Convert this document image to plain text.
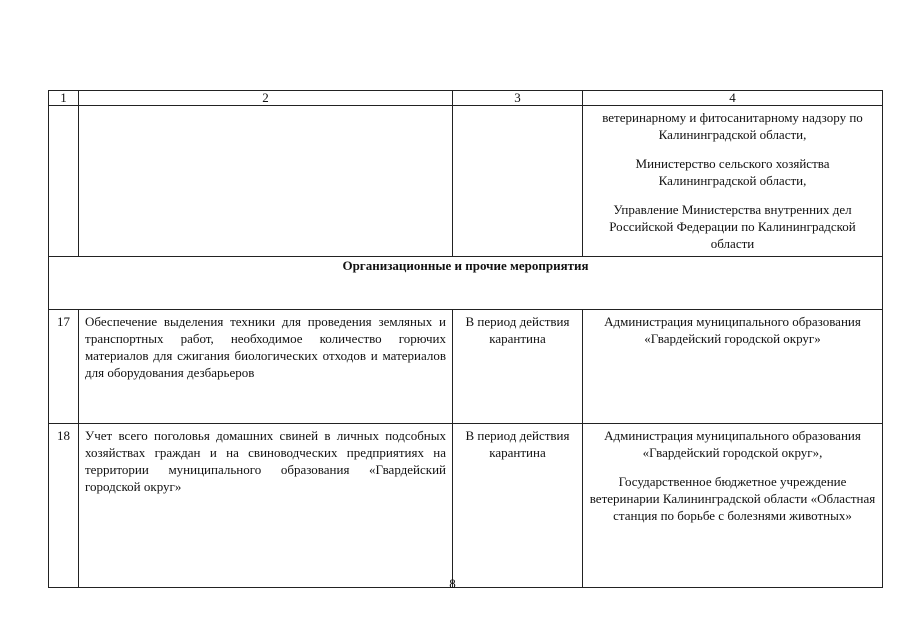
1	2	3	4

			ветеринарному и фитосанитарному надзору по Калининградской области,

Министерство сельского хозяйства Калининградской области,

Управление Министерства внутренних дел Российской Федерации по Калининградской области

Организационные и прочие мероприятия			
17	Обеспечение выделения техники для проведения земляных и транспортных работ, необходимое количество горючих материалов для сжигания биологических отходов и материалов для оборудования дезбарьеров	В период действия карантина	Администрация муниципального образования «Гвардейский городской округ»

18	Учет всего поголовья домашних свиней в личных подсобных хозяйствах граждан и на свиноводческих предприятиях на территории муниципального образования «Гвардейский городской округ»	В период действия карантина	Администрация муниципального образования «Гвардейский городской округ»,

Государственное бюджетное учреждение ветеринарии Калининградской области «Областная станция по борьбе с болезнями животных»

8
